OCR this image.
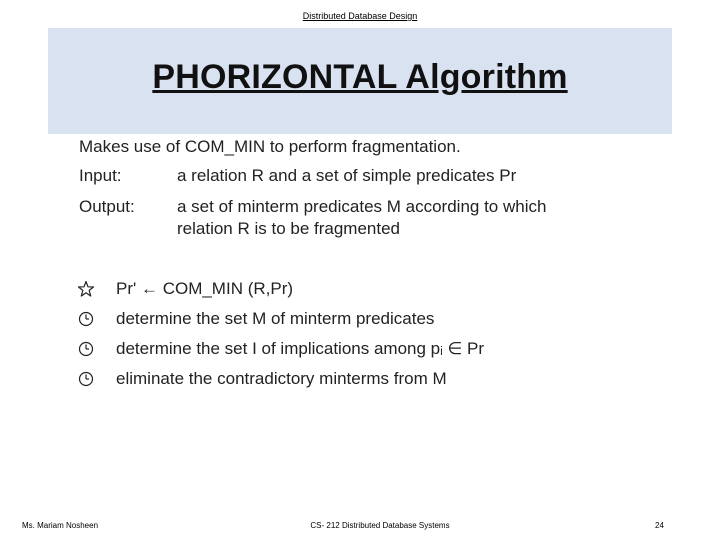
Distributed Database Design
PHORIZONTAL Algorithm
Makes use of COM_MIN to perform fragmentation.
Input:	a relation R and a set of simple predicates Pr
Output:	a set of minterm predicates M according to which
relation R is to be fragmented
Pr' ← COM_MIN (R,Pr)
determine the set M of minterm predicates
determine the set I of implications among pᵢ ∈ Pr
eliminate the contradictory minterms from M
Ms. Mariam Nosheen	CS- 212 Distributed Database Systems	24
